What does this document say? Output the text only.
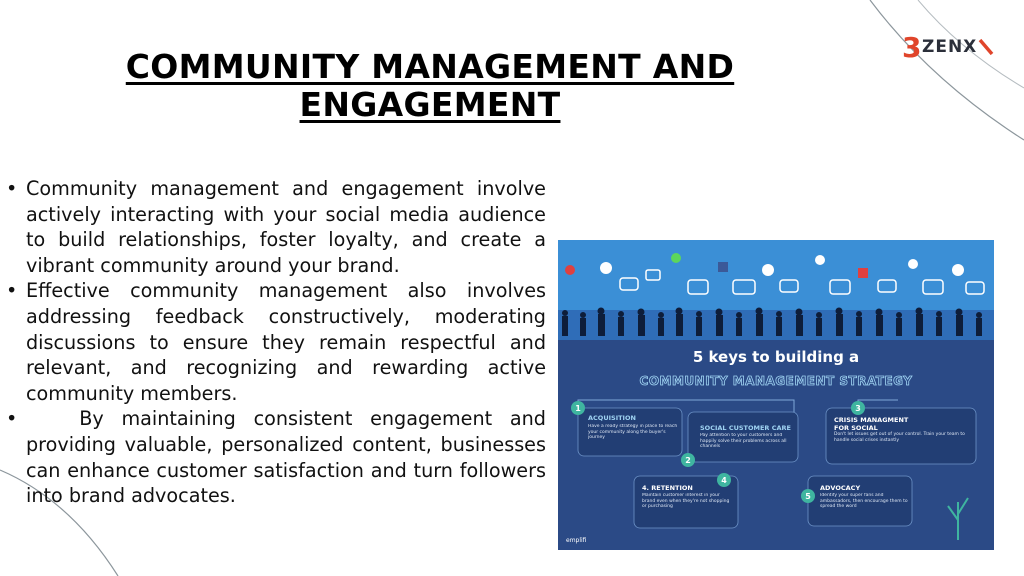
COMMUNITY MANAGEMENT AND ENGAGEMENT
3 ZENX
• Community management and engagement involve actively interacting with your social media audience to build relationships, foster loyalty, and create a vibrant community around your brand.
• Effective community management also involves addressing feedback constructively, moderating discussions to ensure they remain respectful and relevant, and recognizing and rewarding active community members.
•	By maintaining consistent engagement and providing valuable, personalized content, businesses can enhance customer satisfaction and turn followers into brand advocates.
5 keys to building a
COMMUNITY MANAGEMENT STRATEGY
1
ACQUISITION
Have a ready strategy in place to reach your community along the buyer's journey
2
SOCIAL CUSTOMER CARE
Pay attention to your customers and happily solve their problems across all channels
3
CRISIS MANAGMENT FOR SOCIAL
Don't let issues get out of your control. Train your team to handle social crises instantly
4
4. RETENTION
Maintain customer interest in your brand even when they're not shopping or purchasing
5
ADVOCACY
Identify your super fans and ambassadors, then encourage them to spread the word
emplifi
